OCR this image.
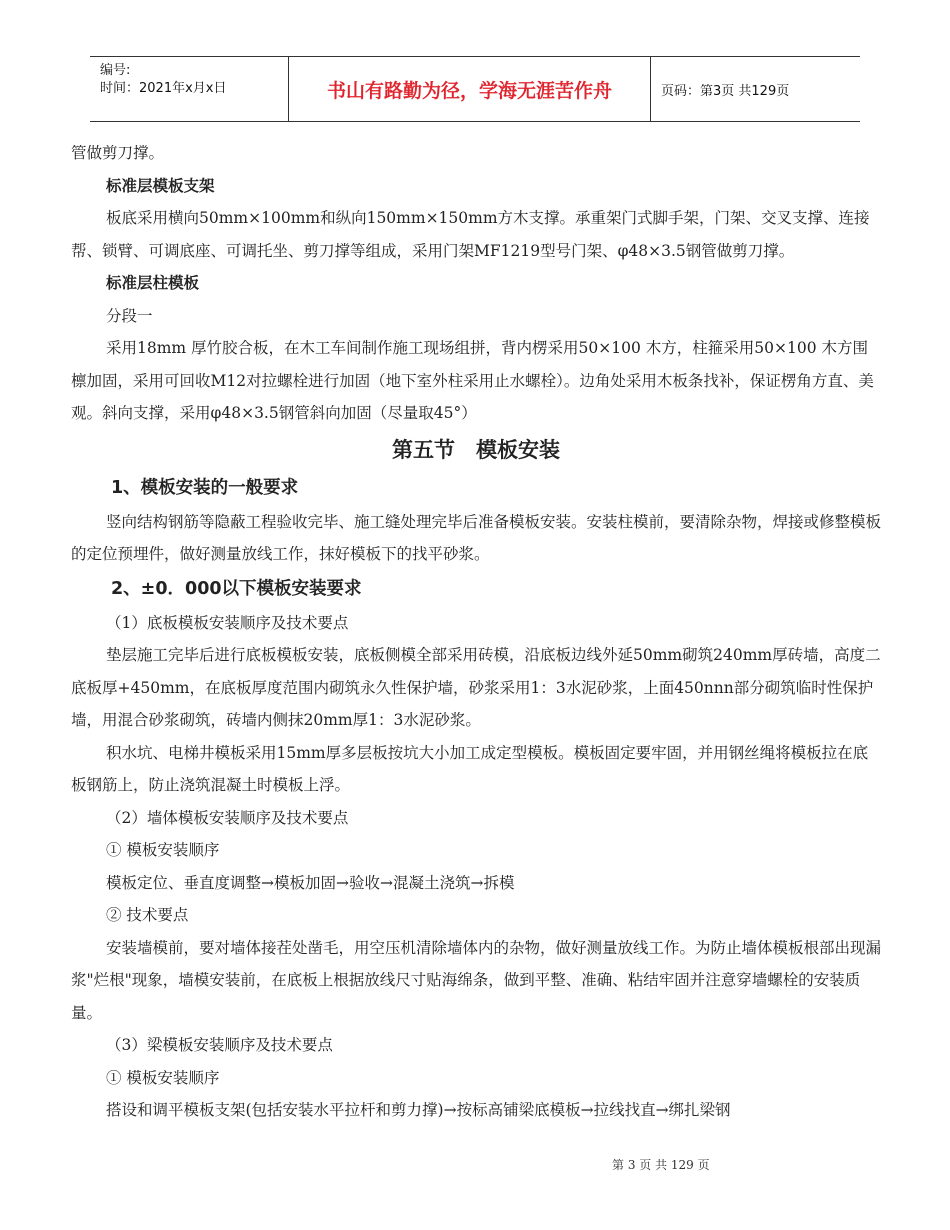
编号:
时间：2021年x月x日	书山有路勤为径，学海无涯苦作舟	页码：第3页 共129页

管做剪刀撑。

标准层模板支架

板底采用横向50mm×100mm和纵向150mm×150mm方木支撑。承重架门式脚手架，门架、交叉支撑、连接帮、锁臂、可调底座、可调托坐、剪刀撑等组成，采用门架MF1219型号门架、φ48×3.5钢管做剪刀撑。

标准层柱模板

分段一

采用18mm 厚竹胶合板，在木工车间制作施工现场组拼，背内楞采用50×100 木方，柱箍采用50×100 木方围檩加固，采用可回收M12对拉螺栓进行加固（地下室外柱采用止水螺栓）。边角处采用木板条找补，保证楞角方直、美观。斜向支撑，采用φ48×3.5钢管斜向加固（尽量取45°）

第五节　模板安装

1、模板安装的一般要求

竖向结构钢筋等隐蔽工程验收完毕、施工缝处理完毕后准备模板安装。安装柱模前，要清除杂物，焊接或修整模板的定位预埋件，做好测量放线工作，抹好模板下的找平砂浆。

2、±0．000以下模板安装要求

（1）底板模板安装顺序及技术要点

垫层施工完毕后进行底板模板安装，底板侧模全部采用砖模，沿底板边线外延50mm砌筑240mm厚砖墙，高度二底板厚+450mm，在底板厚度范围内砌筑永久性保护墙，砂浆采用1：3水泥砂浆，上面450nnn部分砌筑临时性保护墙，用混合砂浆砌筑，砖墙内侧抹20mm厚1：3水泥砂浆。

积水坑、电梯井模板采用15mm厚多层板按坑大小加工成定型模板。模板固定要牢固，并用钢丝绳将模板拉在底板钢筋上，防止浇筑混凝土时模板上浮。

（2）墙体模板安装顺序及技术要点

① 模板安装顺序

模板定位、垂直度调整→模板加固→验收→混凝土浇筑→拆模

② 技术要点

安装墙模前，要对墙体接茬处凿毛，用空压机清除墙体内的杂物，做好测量放线工作。为防止墙体模板根部出现漏浆"烂根"现象，墙模安装前，在底板上根据放线尺寸贴海绵条，做到平整、准确、粘结牢固并注意穿墙螺栓的安装质量。

（3）梁模板安装顺序及技术要点

① 模板安装顺序

搭设和调平模板支架(包括安装水平拉杆和剪力撑)→按标高铺梁底模板→拉线找直→绑扎梁钢

第 3 页 共 129 页
